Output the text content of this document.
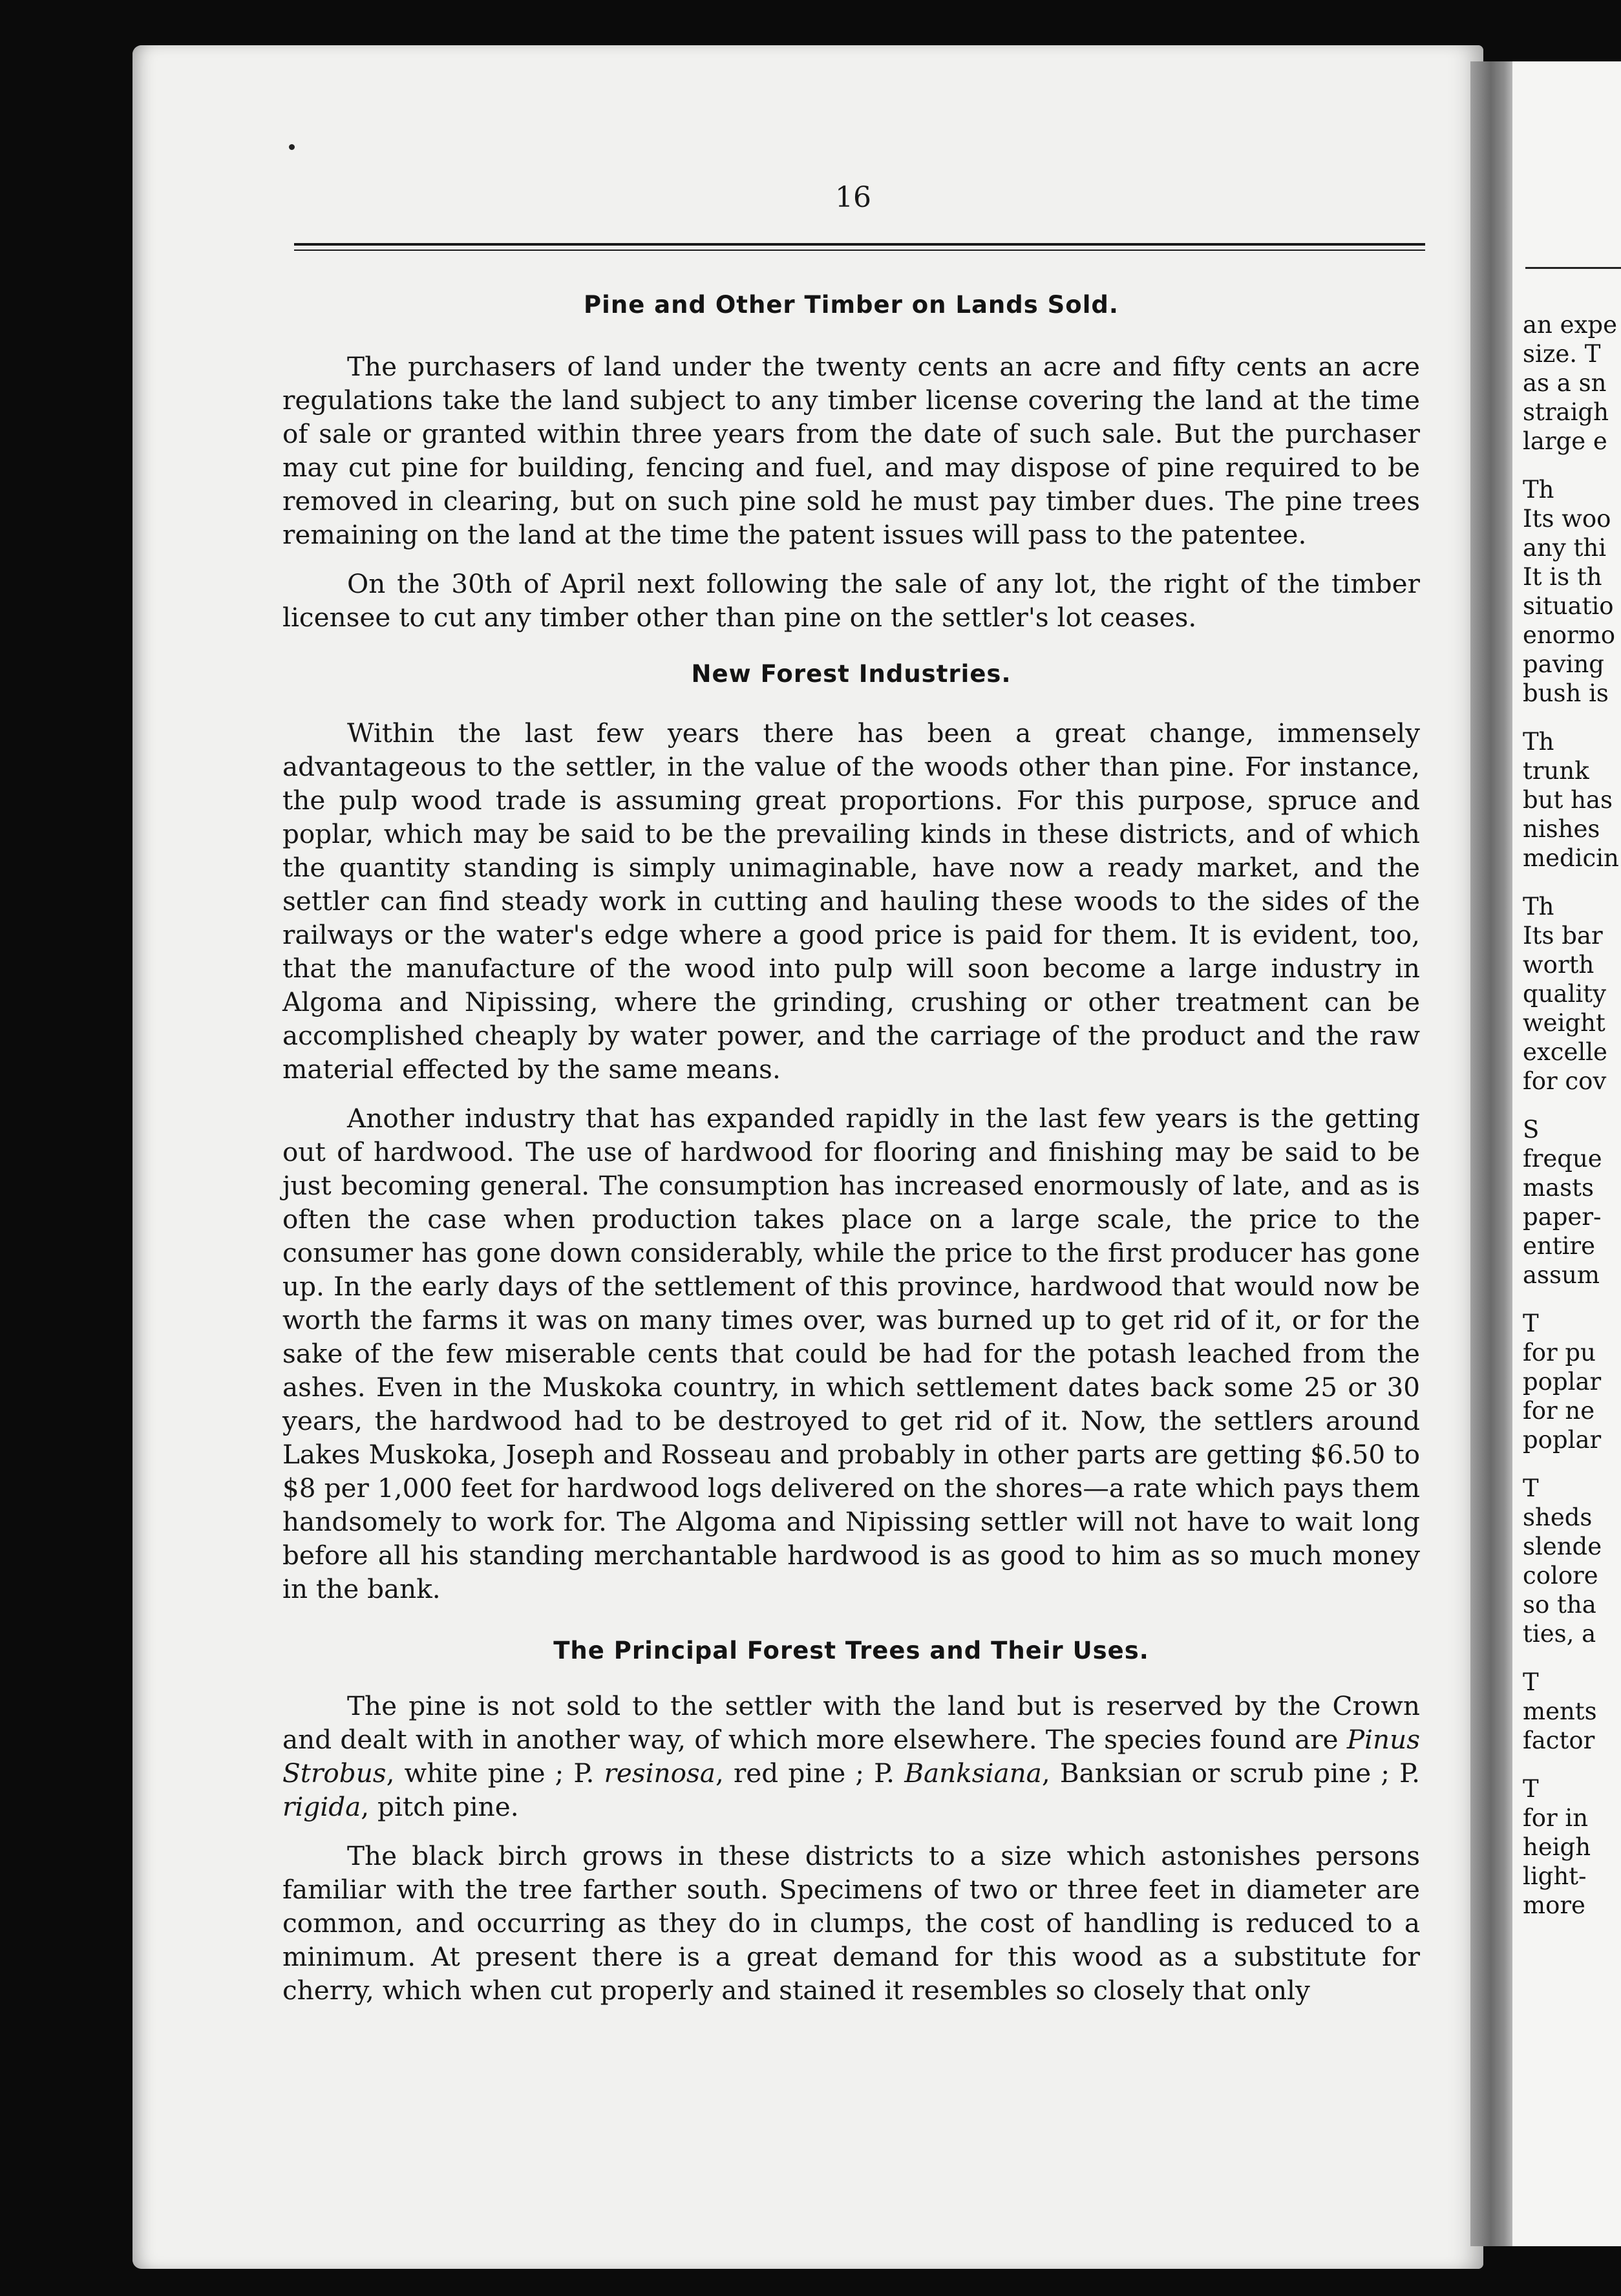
an expe
size. T
as a sn
straigh
large e
Th
Its woo
any thi
It is th
situatio
enormo
paving
bush is
Th
trunk
but has
nishes
medicin
Th
Its bar
worth
quality
weight
excelle
for cov
S
freque
masts
paper-
entire
assum
T
for pu
poplar
for ne
poplar
T
sheds
slende
colore
so tha
ties, a
T
ments
factor
T
for in
heigh
light-
more
16
Pine and Other Timber on Lands Sold.

The purchasers of land under the twenty cents an acre and fifty cents an acre regulations take the land subject to any timber license covering the land at the time of sale or granted within three years from the date of such sale. But the purchaser may cut pine for building, fencing and fuel, and may dispose of pine required to be removed in clearing, but on such pine sold he must pay timber dues. The pine trees remaining on the land at the time the patent issues will pass to the patentee.

On the 30th of April next following the sale of any lot, the right of the timber licensee to cut any timber other than pine on the settler's lot ceases.

New Forest Industries.

Within the last few years there has been a great change, immensely advantageous to the settler, in the value of the woods other than pine. For instance, the pulp wood trade is assuming great proportions. For this purpose, spruce and poplar, which may be said to be the prevailing kinds in these districts, and of which the quantity standing is simply unimaginable, have now a ready market, and the settler can find steady work in cutting and hauling these woods to the sides of the railways or the water's edge where a good price is paid for them. It is evident, too, that the manufacture of the wood into pulp will soon become a large industry in Algoma and Nipissing, where the grinding, crushing or other treatment can be accomplished cheaply by water power, and the carriage of the product and the raw material effected by the same means.

Another industry that has expanded rapidly in the last few years is the getting out of hardwood. The use of hardwood for flooring and finishing may be said to be just becoming general. The consumption has increased enormously of late, and as is often the case when production takes place on a large scale, the price to the consumer has gone down considerably, while the price to the first producer has gone up. In the early days of the settlement of this province, hardwood that would now be worth the farms it was on many times over, was burned up to get rid of it, or for the sake of the few miserable cents that could be had for the potash leached from the ashes. Even in the Muskoka country, in which settlement dates back some 25 or 30 years, the hardwood had to be destroyed to get rid of it. Now, the settlers around Lakes Muskoka, Joseph and Rosseau and probably in other parts are getting $6.50 to $8 per 1,000 feet for hardwood logs delivered on the shores—a rate which pays them handsomely to work for. The Algoma and Nipissing settler will not have to wait long before all his standing merchantable hardwood is as good to him as so much money in the bank.

The Principal Forest Trees and Their Uses.

The pine is not sold to the settler with the land but is reserved by the Crown and dealt with in another way, of which more elsewhere. The species found are Pinus Strobus, white pine ; P. resinosa, red pine ; P. Banksiana, Banksian or scrub pine ; P. rigida, pitch pine.

The black birch grows in these districts to a size which astonishes persons familiar with the tree farther south. Specimens of two or three feet in diameter are common, and occurring as they do in clumps, the cost of handling is reduced to a minimum. At present there is a great demand for this wood as a substitute for cherry, which when cut properly and stained it resembles so closely that only
